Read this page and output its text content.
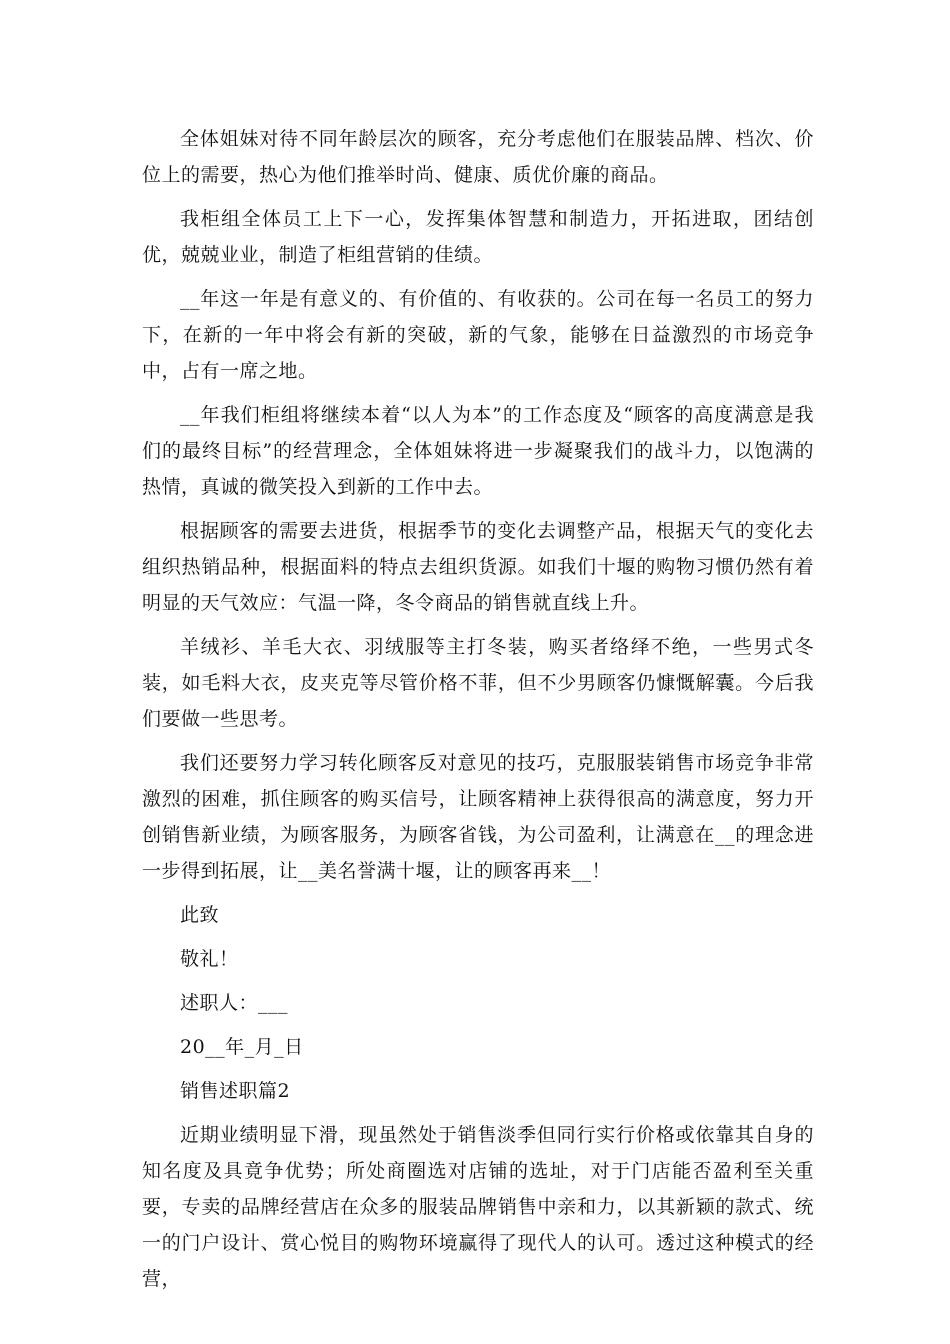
全体姐妹对待不同年龄层次的顾客，充分考虑他们在服装品牌、档次、价位上的需要，热心为他们推举时尚、健康、质优价廉的商品。

我柜组全体员工上下一心，发挥集体智慧和制造力，开拓进取，团结创优，兢兢业业，制造了柜组营销的佳绩。

__年这一年是有意义的、有价值的、有收获的。公司在每一名员工的努力下，在新的一年中将会有新的突破，新的气象，能够在日益激烈的市场竞争中，占有一席之地。

__年我们柜组将继续本着“以人为本”的工作态度及“顾客的高度满意是我们的最终目标”的经营理念，全体姐妹将进一步凝聚我们的战斗力，以饱满的热情，真诚的微笑投入到新的工作中去。

根据顾客的需要去进货，根据季节的变化去调整产品，根据天气的变化去组织热销品种，根据面料的特点去组织货源。如我们十堰的购物习惯仍然有着明显的天气效应：气温一降，冬令商品的销售就直线上升。

羊绒衫、羊毛大衣、羽绒服等主打冬装，购买者络绎不绝，一些男式冬装，如毛料大衣，皮夹克等尽管价格不菲，但不少男顾客仍慷慨解囊。今后我们要做一些思考。

我们还要努力学习转化顾客反对意见的技巧，克服服装销售市场竞争非常激烈的困难，抓住顾客的购买信号，让顾客精神上获得很高的满意度，努力开创销售新业绩，为顾客服务，为顾客省钱，为公司盈利，让满意在__的理念进一步得到拓展，让__美名誉满十堰，让的顾客再来__！

此致

敬礼！

述职人：___

20__年_月_日

销售述职篇2

近期业绩明显下滑，现虽然处于销售淡季但同行实行价格或依靠其自身的知名度及具竟争优势；所处商圈选对店铺的选址，对于门店能否盈利至关重要，专卖的品牌经营店在众多的服装品牌销售中亲和力，以其新颖的款式、统一的门户设计、赏心悦目的购物环境赢得了现代人的认可。透过这种模式的经营，
